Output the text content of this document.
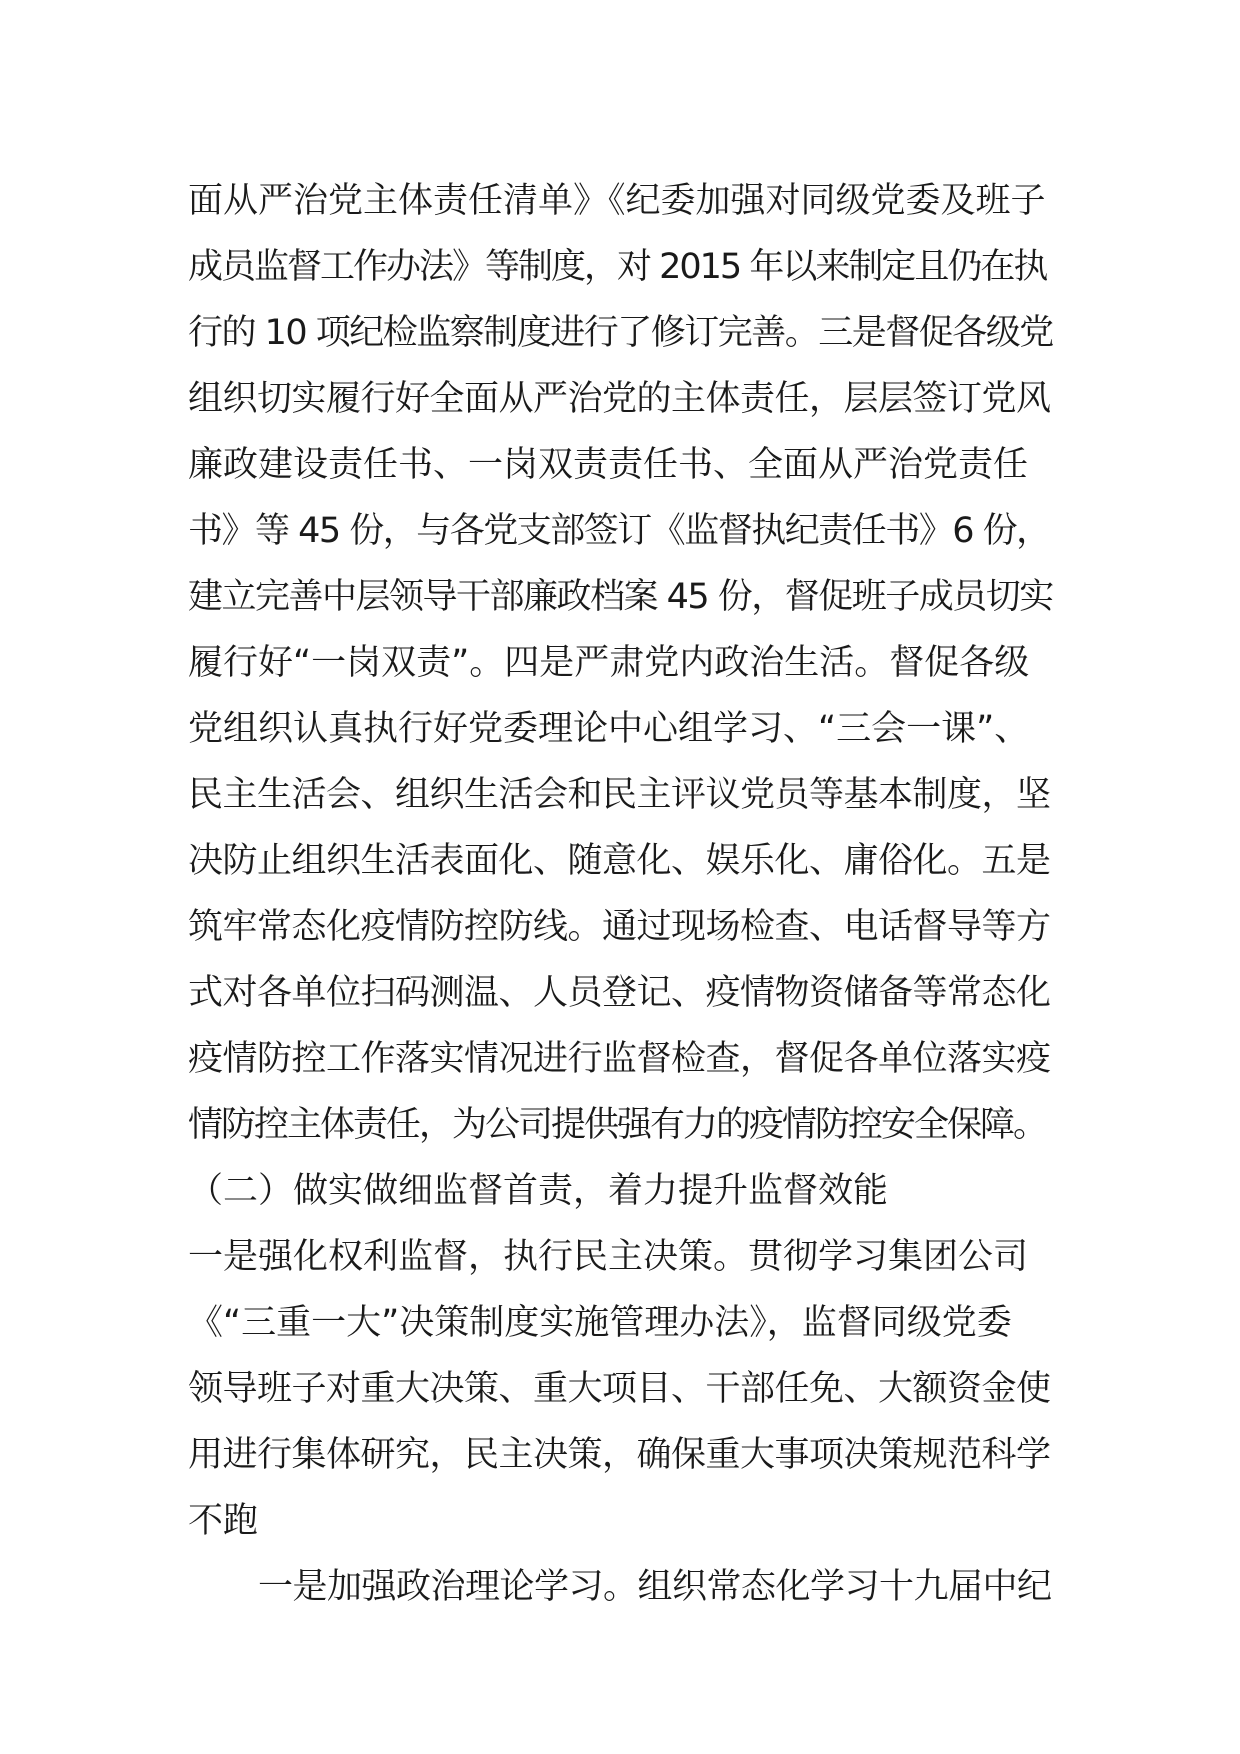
面从严治党主体责任清单》《纪委加强对同级党委及班子
成员监督工作办法》等制度，对 2015 年以来制定且仍在执
行的 10 项纪检监察制度进行了修订完善。三是督促各级党
组织切实履行好全面从严治党的主体责任，层层签订党风
廉政建设责任书、一岗双责责任书、全面从严治党责任
书》等 45 份，与各党支部签订《监督执纪责任书》6 份，
建立完善中层领导干部廉政档案 45 份，督促班子成员切实
履行好“一岗双责”。四是严肃党内政治生活。督促各级
党组织认真执行好党委理论中心组学习、“三会一课”、
民主生活会、组织生活会和民主评议党员等基本制度，坚
决防止组织生活表面化、随意化、娱乐化、庸俗化。五是
筑牢常态化疫情防控防线。通过现场检查、电话督导等方
式对各单位扫码测温、人员登记、疫情物资储备等常态化
疫情防控工作落实情况进行监督检查，督促各单位落实疫
情防控主体责任，为公司提供强有力的疫情防控安全保障。
（二）做实做细监督首责，着力提升监督效能
一是强化权利监督，执行民主决策。贯彻学习集团公司
《“三重一大”决策制度实施管理办法》，监督同级党委
领导班子对重大决策、重大项目、干部任免、大额资金使
用进行集体研究，民主决策，确保重大事项决策规范科学
不跑
一是加强政治理论学习。组织常态化学习十九届中纪
